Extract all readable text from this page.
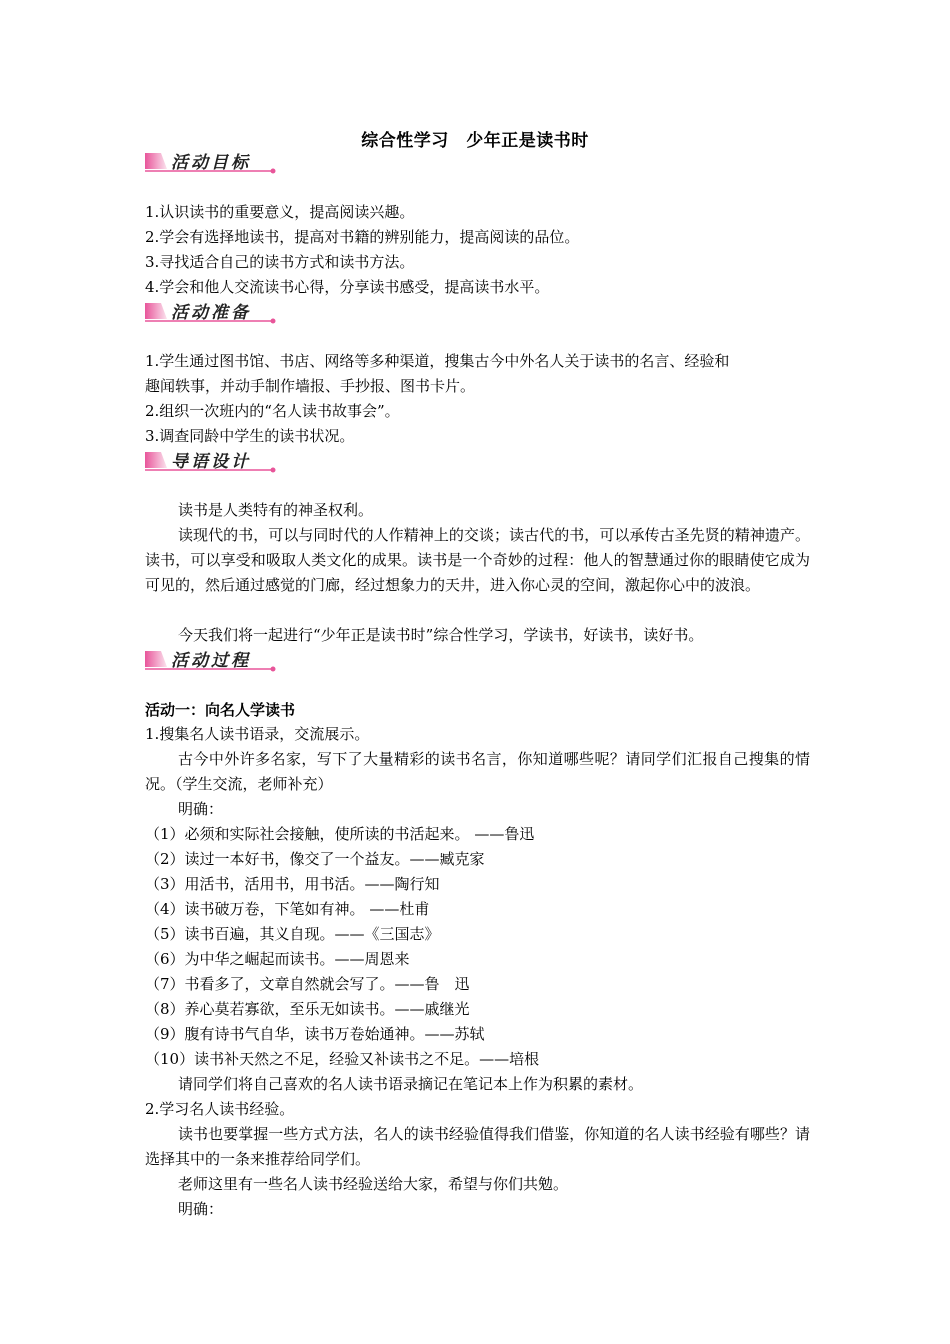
综合性学习　少年正是读书时
活动目标
1.认识读书的重要意义，提高阅读兴趣。
2.学会有选择地读书，提高对书籍的辨别能力，提高阅读的品位。
3.寻找适合自己的读书方式和读书方法。
4.学会和他人交流读书心得，分享读书感受，提高读书水平。
活动准备
1.学生通过图书馆、书店、网络等多种渠道，搜集古今中外名人关于读书的名言、经验和
趣闻轶事，并动手制作墙报、手抄报、图书卡片。
2.组织一次班内的“名人读书故事会”。
3.调查同龄中学生的读书状况。
导语设计
读书是人类特有的神圣权利。
读现代的书，可以与同时代的人作精神上的交谈；读古代的书，可以承传古圣先贤的精神遗产。读书，可以享受和吸取人类文化的成果。读书是一个奇妙的过程：他人的智慧通过你的眼睛使它成为可见的，然后通过感觉的门廊，经过想象力的天井，进入你心灵的空间，激起你心中的波浪。
今天我们将一起进行“少年正是读书时”综合性学习，学读书，好读书，读好书。
活动过程
活动一：向名人学读书
1.搜集名人读书语录，交流展示。
古今中外许多名家，写下了大量精彩的读书名言，你知道哪些呢？请同学们汇报自己搜集的情况。（学生交流，老师补充）
明确：
（1）必须和实际社会接触，使所读的书活起来。 ——鲁迅
（2）读过一本好书，像交了一个益友。——臧克家
（3）用活书，活用书，用书活。——陶行知
（4）读书破万卷，下笔如有神。 ——杜甫
（5）读书百遍，其义自现。——《三国志》
（6）为中华之崛起而读书。——周恩来
（7）书看多了，文章自然就会写了。——鲁　迅
（8）养心莫若寡欲，至乐无如读书。——戚继光
（9）腹有诗书气自华，读书万卷始通神。——苏轼
（10）读书补天然之不足，经验又补读书之不足。——培根
请同学们将自己喜欢的名人读书语录摘记在笔记本上作为积累的素材。
2.学习名人读书经验。
读书也要掌握一些方式方法，名人的读书经验值得我们借鉴，你知道的名人读书经验有哪些？请选择其中的一条来推荐给同学们。
老师这里有一些名人读书经验送给大家，希望与你们共勉。
明确：
